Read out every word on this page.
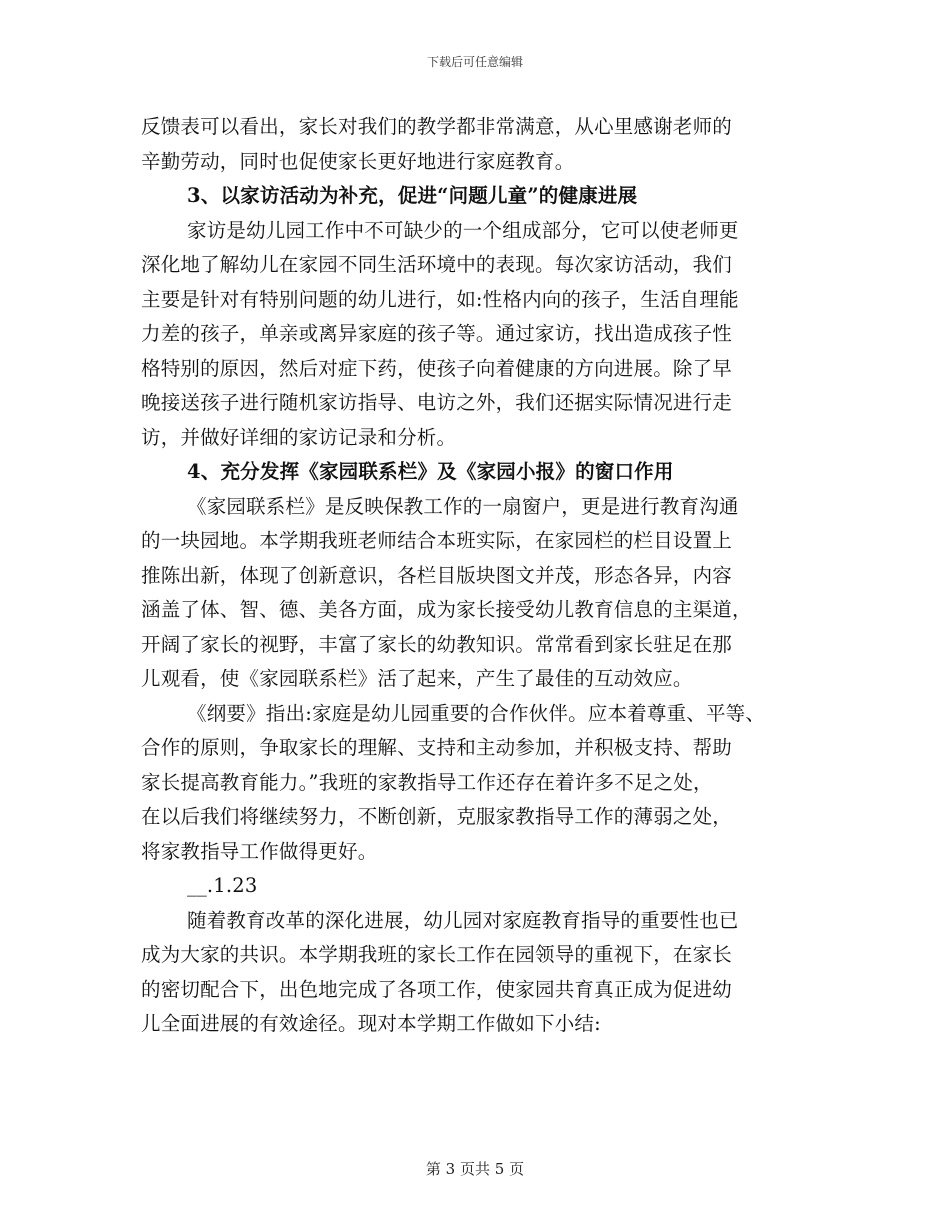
下载后可任意编辑
反馈表可以看出，家长对我们的教学都非常满意，从心里感谢老师的
辛勤劳动，同时也促使家长更好地进行家庭教育。
3、以家访活动为补充，促进“问题儿童”的健康进展
家访是幼儿园工作中不可缺少的一个组成部分，它可以使老师更
深化地了解幼儿在家园不同生活环境中的表现。每次家访活动，我们
主要是针对有特别问题的幼儿进行，如:性格内向的孩子，生活自理能
力差的孩子，单亲或离异家庭的孩子等。通过家访，找出造成孩子性
格特别的原因，然后对症下药，使孩子向着健康的方向进展。除了早
晚接送孩子进行随机家访指导、电访之外，我们还据实际情况进行走
访，并做好详细的家访记录和分析。
4、充分发挥《家园联系栏》及《家园小报》的窗口作用
《家园联系栏》是反映保教工作的一扇窗户，更是进行教育沟通
的一块园地。本学期我班老师结合本班实际，在家园栏的栏目设置上
推陈出新，体现了创新意识，各栏目版块图文并茂，形态各异，内容
涵盖了体、智、德、美各方面，成为家长接受幼儿教育信息的主渠道，
开阔了家长的视野，丰富了家长的幼教知识。常常看到家长驻足在那
儿观看，使《家园联系栏》活了起来，产生了最佳的互动效应。
《纲要》指出:家庭是幼儿园重要的合作伙伴。应本着尊重、平等、
合作的原则，争取家长的理解、支持和主动参加，并积极支持、帮助
家长提高教育能力。”我班的家教指导工作还存在着许多不足之处，
在以后我们将继续努力，不断创新，克服家教指导工作的薄弱之处，
将家教指导工作做得更好。
__.1.23
随着教育改革的深化进展，幼儿园对家庭教育指导的重要性也已
成为大家的共识。本学期我班的家长工作在园领导的重视下，在家长
的密切配合下，出色地完成了各项工作，使家园共育真正成为促进幼
儿全面进展的有效途径。现对本学期工作做如下小结:
第 3 页共 5 页
